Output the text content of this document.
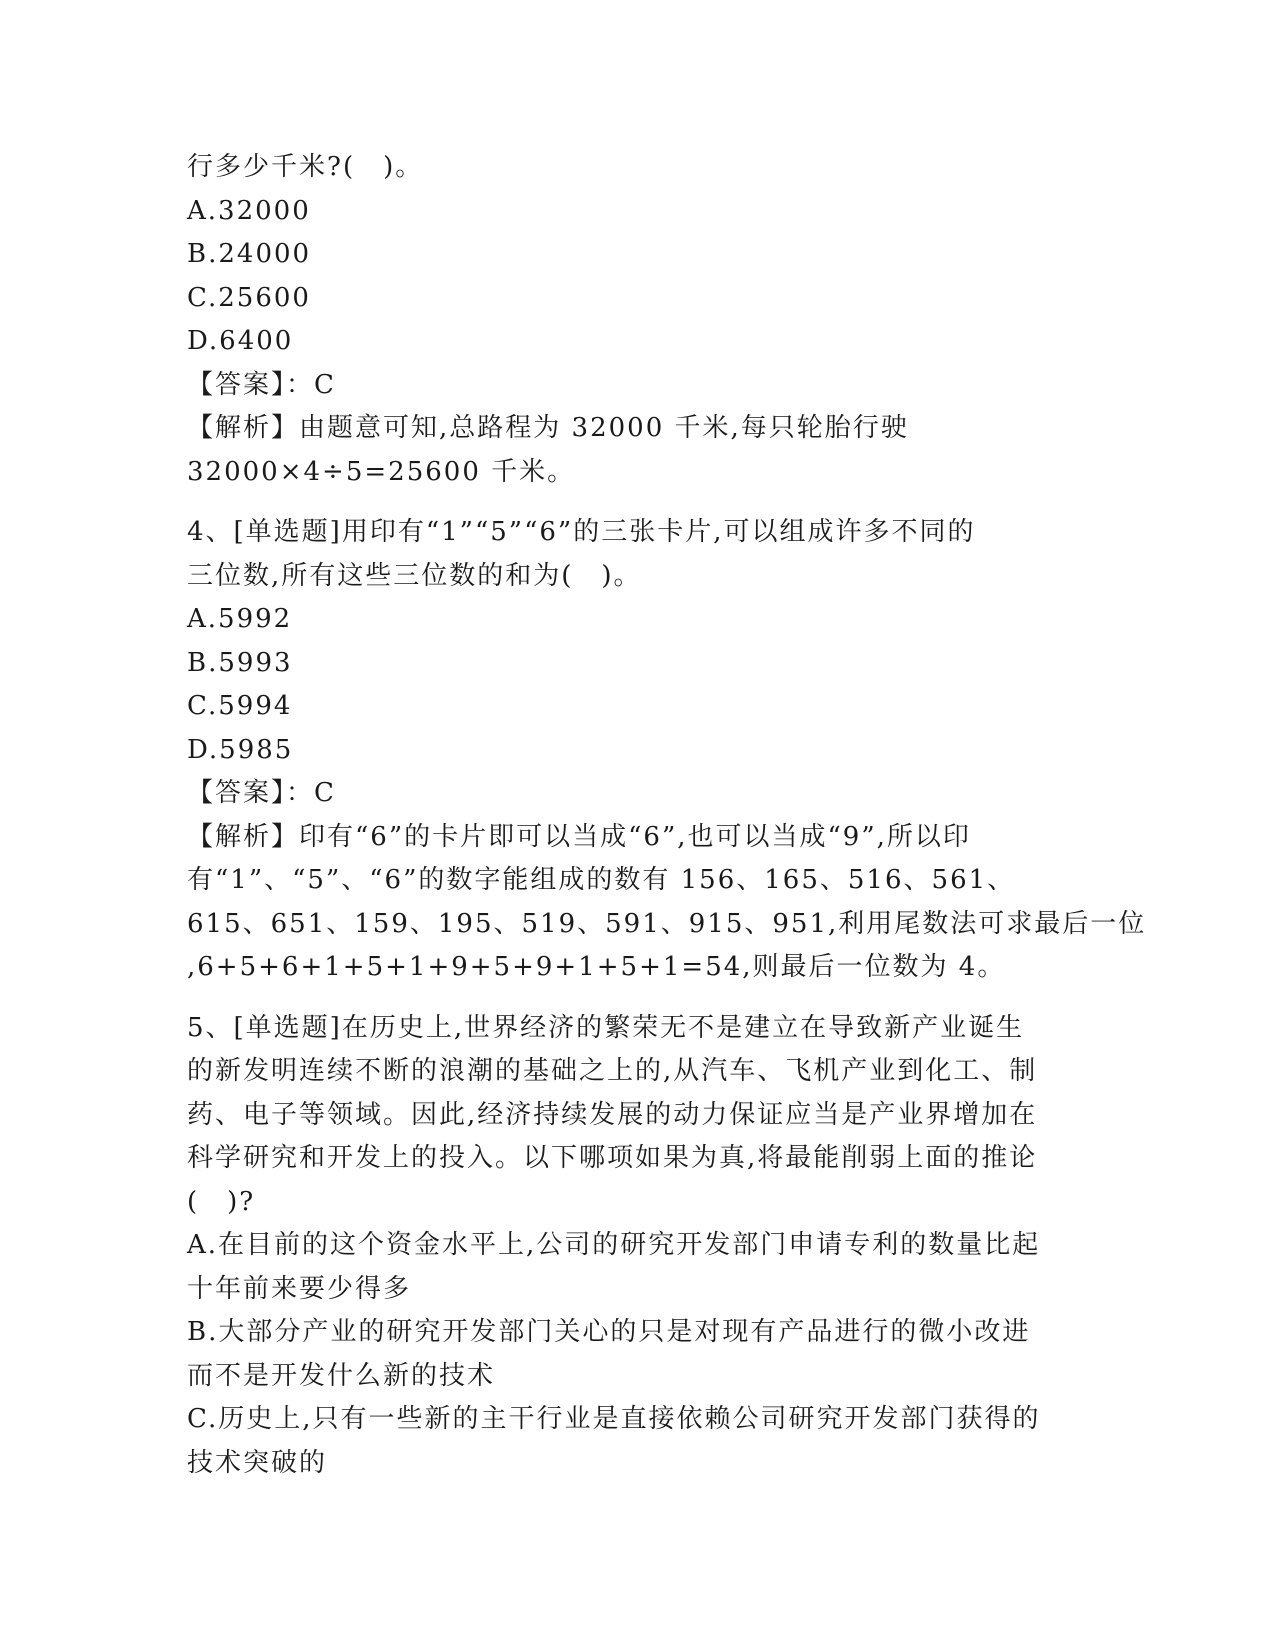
行多少千米?(　)。
A.32000
B.24000
C.25600
D.6400
【答案】：C
【解析】由题意可知,总路程为 32000 千米,每只轮胎行驶
32000×4÷5=25600 千米。
4、[单选题]用印有“1”“5”“6”的三张卡片,可以组成许多不同的
三位数,所有这些三位数的和为(　)。
A.5992
B.5993
C.5994
D.5985
【答案】：C
【解析】印有“6”的卡片即可以当成“6”,也可以当成“9”,所以印
有“1”、“5”、“6”的数字能组成的数有 156、165、516、561、
615、651、159、195、519、591、915、951,利用尾数法可求最后一位
,6+5+6+1+5+1+9+5+9+1+5+1=54,则最后一位数为 4。
5、[单选题]在历史上,世界经济的繁荣无不是建立在导致新产业诞生
的新发明连续不断的浪潮的基础之上的,从汽车、飞机产业到化工、制
药、电子等领域。因此,经济持续发展的动力保证应当是产业界增加在
科学研究和开发上的投入。以下哪项如果为真,将最能削弱上面的推论
(　)?
A.在目前的这个资金水平上,公司的研究开发部门申请专利的数量比起
十年前来要少得多
B.大部分产业的研究开发部门关心的只是对现有产品进行的微小改进
而不是开发什么新的技术
C.历史上,只有一些新的主干行业是直接依赖公司研究开发部门获得的
技术突破的
